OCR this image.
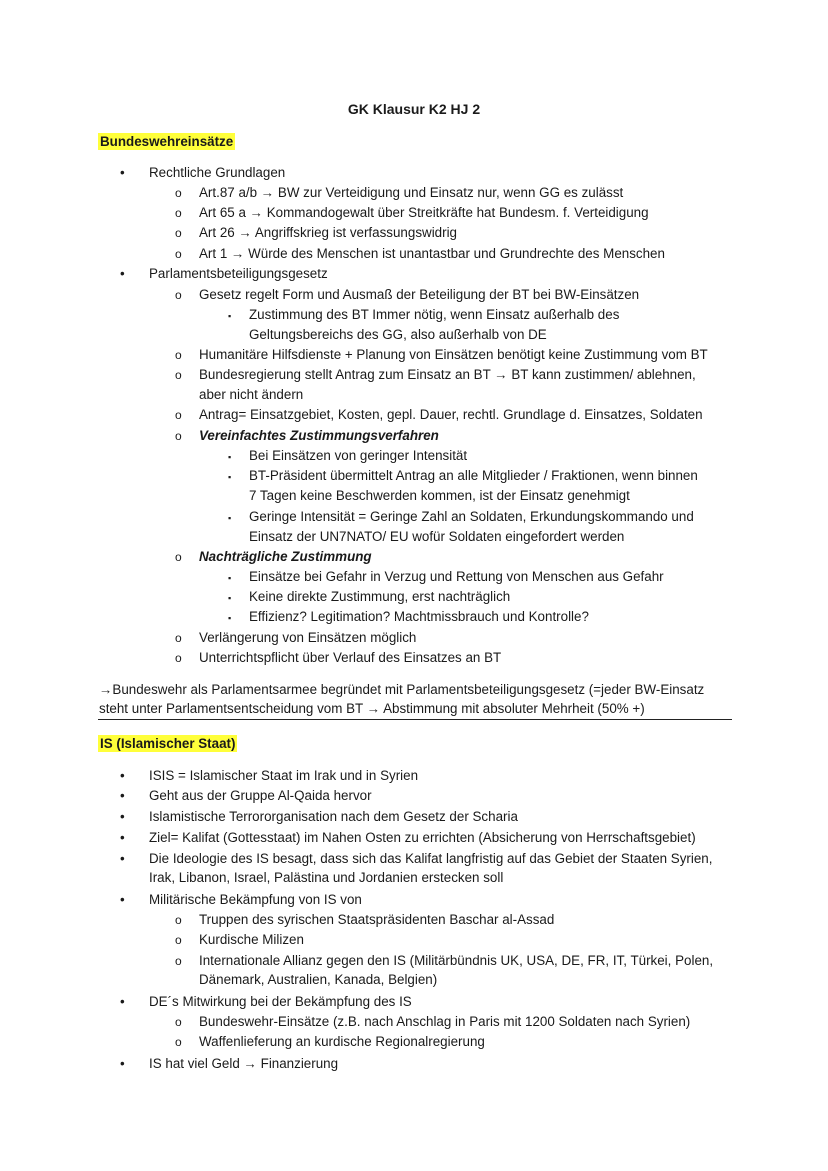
GK Klausur K2 HJ 2
Bundeswehreinsätze
• Rechtliche Grundlagen
o Art.87 a/b → BW zur Verteidigung und Einsatz nur, wenn GG es zulässt
o Art 65 a → Kommandogewalt über Streitkräfte hat Bundesm. f. Verteidigung
o Art 26 → Angriffskrieg ist verfassungswidrig
o Art 1 → Würde des Menschen ist unantastbar und Grundrechte des Menschen
• Parlamentsbeteiligungsgesetz
o Gesetz regelt Form und Ausmaß der Beteiligung der BT bei BW-Einsätzen
▪ Zustimmung des BT Immer nötig, wenn Einsatz außerhalb des
Geltungsbereichs des GG, also außerhalb von DE
o Humanitäre Hilfsdienste + Planung von Einsätzen benötigt keine Zustimmung vom BT
o Bundesregierung stellt Antrag zum Einsatz an BT → BT kann zustimmen/ ablehnen,
aber nicht ändern
o Antrag= Einsatzgebiet, Kosten, gepl. Dauer, rechtl. Grundlage d. Einsatzes, Soldaten
o Vereinfachtes Zustimmungsverfahren
▪ Bei Einsätzen von geringer Intensität
▪ BT-Präsident übermittelt Antrag an alle Mitglieder / Fraktionen, wenn binnen
7 Tagen keine Beschwerden kommen, ist der Einsatz genehmigt
▪ Geringe Intensität = Geringe Zahl an Soldaten, Erkundungskommando und
Einsatz der UN7NATO/ EU wofür Soldaten eingefordert werden
o Nachträgliche Zustimmung
▪ Einsätze bei Gefahr in Verzug und Rettung von Menschen aus Gefahr
▪ Keine direkte Zustimmung, erst nachträglich
▪ Effizienz? Legitimation? Machtmissbrauch und Kontrolle?
o Verlängerung von Einsätzen möglich
o Unterrichtspflicht über Verlauf des Einsatzes an BT
→Bundeswehr als Parlamentsarmee begründet mit Parlamentsbeteiligungsgesetz (=jeder BW-Einsatz
steht unter Parlamentsentscheidung vom BT → Abstimmung mit absoluter Mehrheit (50% +)
IS (Islamischer Staat)
• ISIS = Islamischer Staat im Irak und in Syrien
• Geht aus der Gruppe Al-Qaida hervor
• Islamistische Terrororganisation nach dem Gesetz der Scharia
• Ziel= Kalifat (Gottesstaat) im Nahen Osten zu errichten (Absicherung von Herrschaftsgebiet)
• Die Ideologie des IS besagt, dass sich das Kalifat langfristig auf das Gebiet der Staaten Syrien,
Irak, Libanon, Israel, Palästina und Jordanien erstecken soll
• Militärische Bekämpfung von IS von
o Truppen des syrischen Staatspräsidenten Baschar al-Assad
o Kurdische Milizen
o Internationale Allianz gegen den IS (Militärbündnis UK, USA, DE, FR, IT, Türkei, Polen,
Dänemark, Australien, Kanada, Belgien)
• DE´s Mitwirkung bei der Bekämpfung des IS
o Bundeswehr-Einsätze (z.B. nach Anschlag in Paris mit 1200 Soldaten nach Syrien)
o Waffenlieferung an kurdische Regionalregierung
• IS hat viel Geld → Finanzierung
